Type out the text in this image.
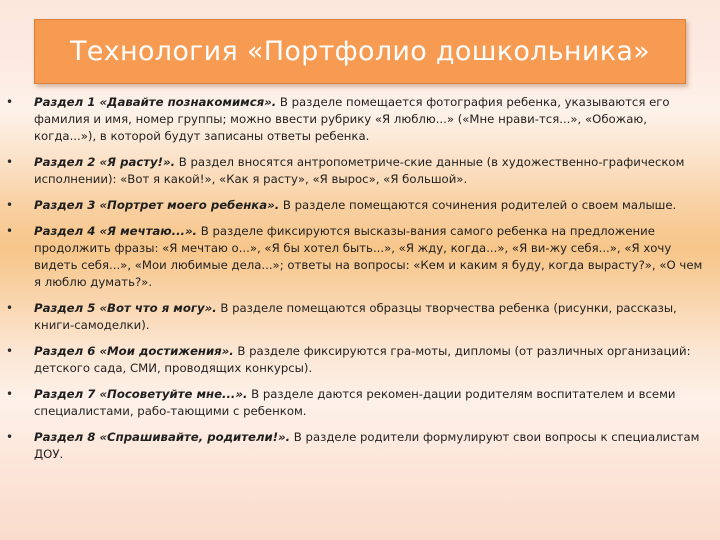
Технология «Портфолио дошкольника»
• Раздел 1 «Давайте познакомимся». В разделе помещается фотография ребенка, указываются его фамилия и имя, номер группы; можно ввести рубрику «Я люблю...» («Мне нрави-тся...», «Обожаю, когда...»), в которой будут записаны ответы ребенка.
• Раздел 2 «Я расту!». В раздел вносятся антропометриче-ские данные (в художественно-графическом исполнении): «Вот я какой!», «Как я расту», «Я вырос», «Я большой».
• Раздел 3 «Портрет моего ребенка». В разделе помещаются сочинения родителей о своем малыше.
• Раздел 4 «Я мечтаю...». В разделе фиксируются высказы-вания самого ребенка на предложение продолжить фразы: «Я мечтаю о...», «Я бы хотел быть...», «Я жду, когда...», «Я ви-жу себя...», «Я хочу видеть себя...», «Мои любимые дела...»; ответы на вопросы: «Кем и каким я буду, когда вырасту?», «О чем я люблю думать?».
• Раздел 5 «Вот что я могу». В разделе помещаются образцы творчества ребенка (рисунки, рассказы, книги-самоделки).
• Раздел 6 «Мои достижения». В разделе фиксируются гра-моты, дипломы (от различных организаций: детского сада, СМИ, проводящих конкурсы).
• Раздел 7 «Посоветуйте мне...». В разделе даются рекомен-дации родителям воспитателем и всеми специалистами, рабо-тающими с ребенком.
• Раздел 8 «Спрашивайте, родители!». В разделе родители формулируют свои вопросы к специалистам ДОУ.
